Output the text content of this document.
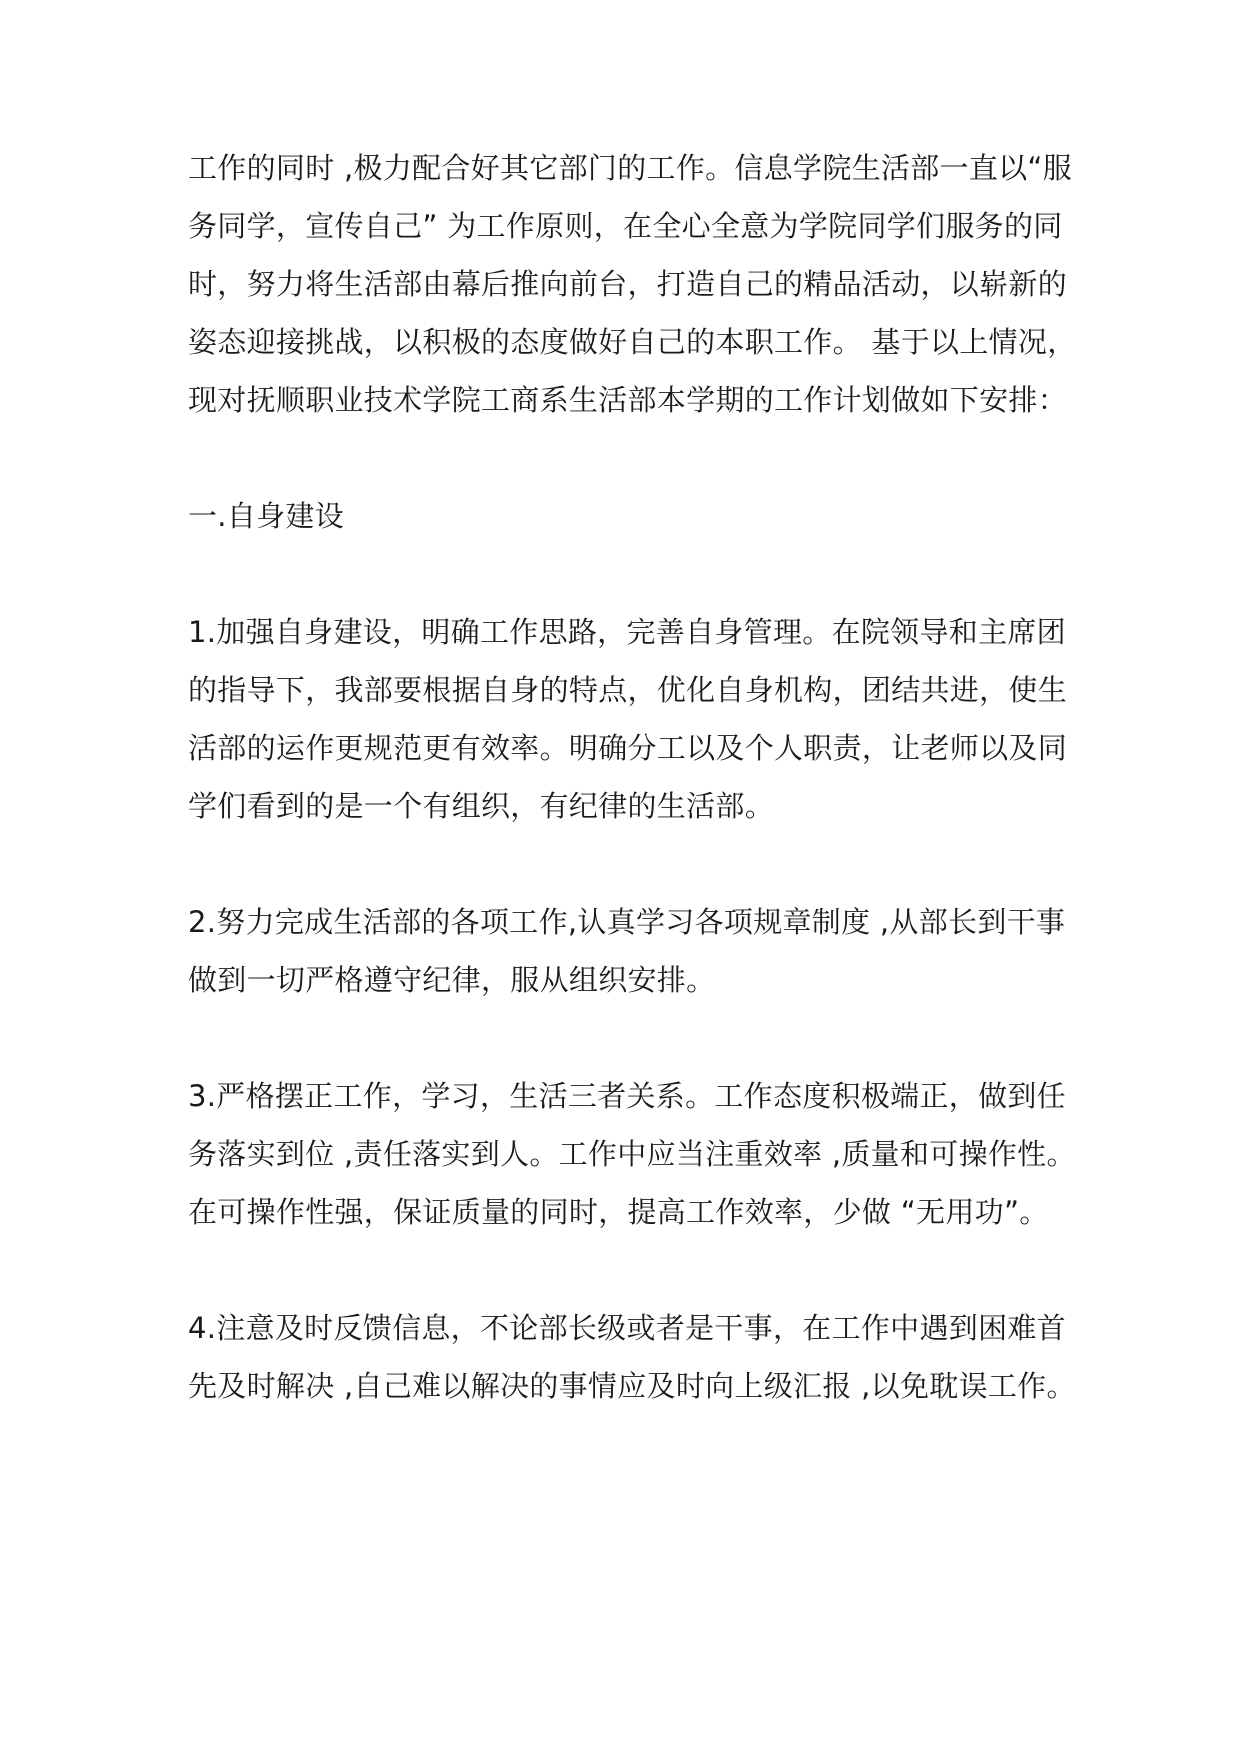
工作的同时 ,极力配合好其它部门的工作。信息学院生活部一直以“服
务同学，宣传自己” 为工作原则，在全心全意为学院同学们服务的同
时，努力将生活部由幕后推向前台，打造自己的精品活动，以崭新的
姿态迎接挑战，以积极的态度做好自己的本职工作。 基于以上情况，
现对抚顺职业技术学院工商系生活部本学期的工作计划做如下安排：
一.自身建设
1.加强自身建设，明确工作思路，完善自身管理。在院领导和主席团
的指导下，我部要根据自身的特点，优化自身机构，团结共进，使生
活部的运作更规范更有效率。明确分工以及个人职责，让老师以及同
学们看到的是一个有组织，有纪律的生活部。
2.努力完成生活部的各项工作,认真学习各项规章制度 ,从部长到干事
做到一切严格遵守纪律，服从组织安排。
3.严格摆正工作，学习，生活三者关系。工作态度积极端正，做到任
务落实到位 ,责任落实到人。工作中应当注重效率 ,质量和可操作性。
在可操作性强，保证质量的同时，提高工作效率，少做 “无用功”。
4.注意及时反馈信息，不论部长级或者是干事，在工作中遇到困难首
先及时解决 ,自己难以解决的事情应及时向上级汇报 ,以免耽误工作。
